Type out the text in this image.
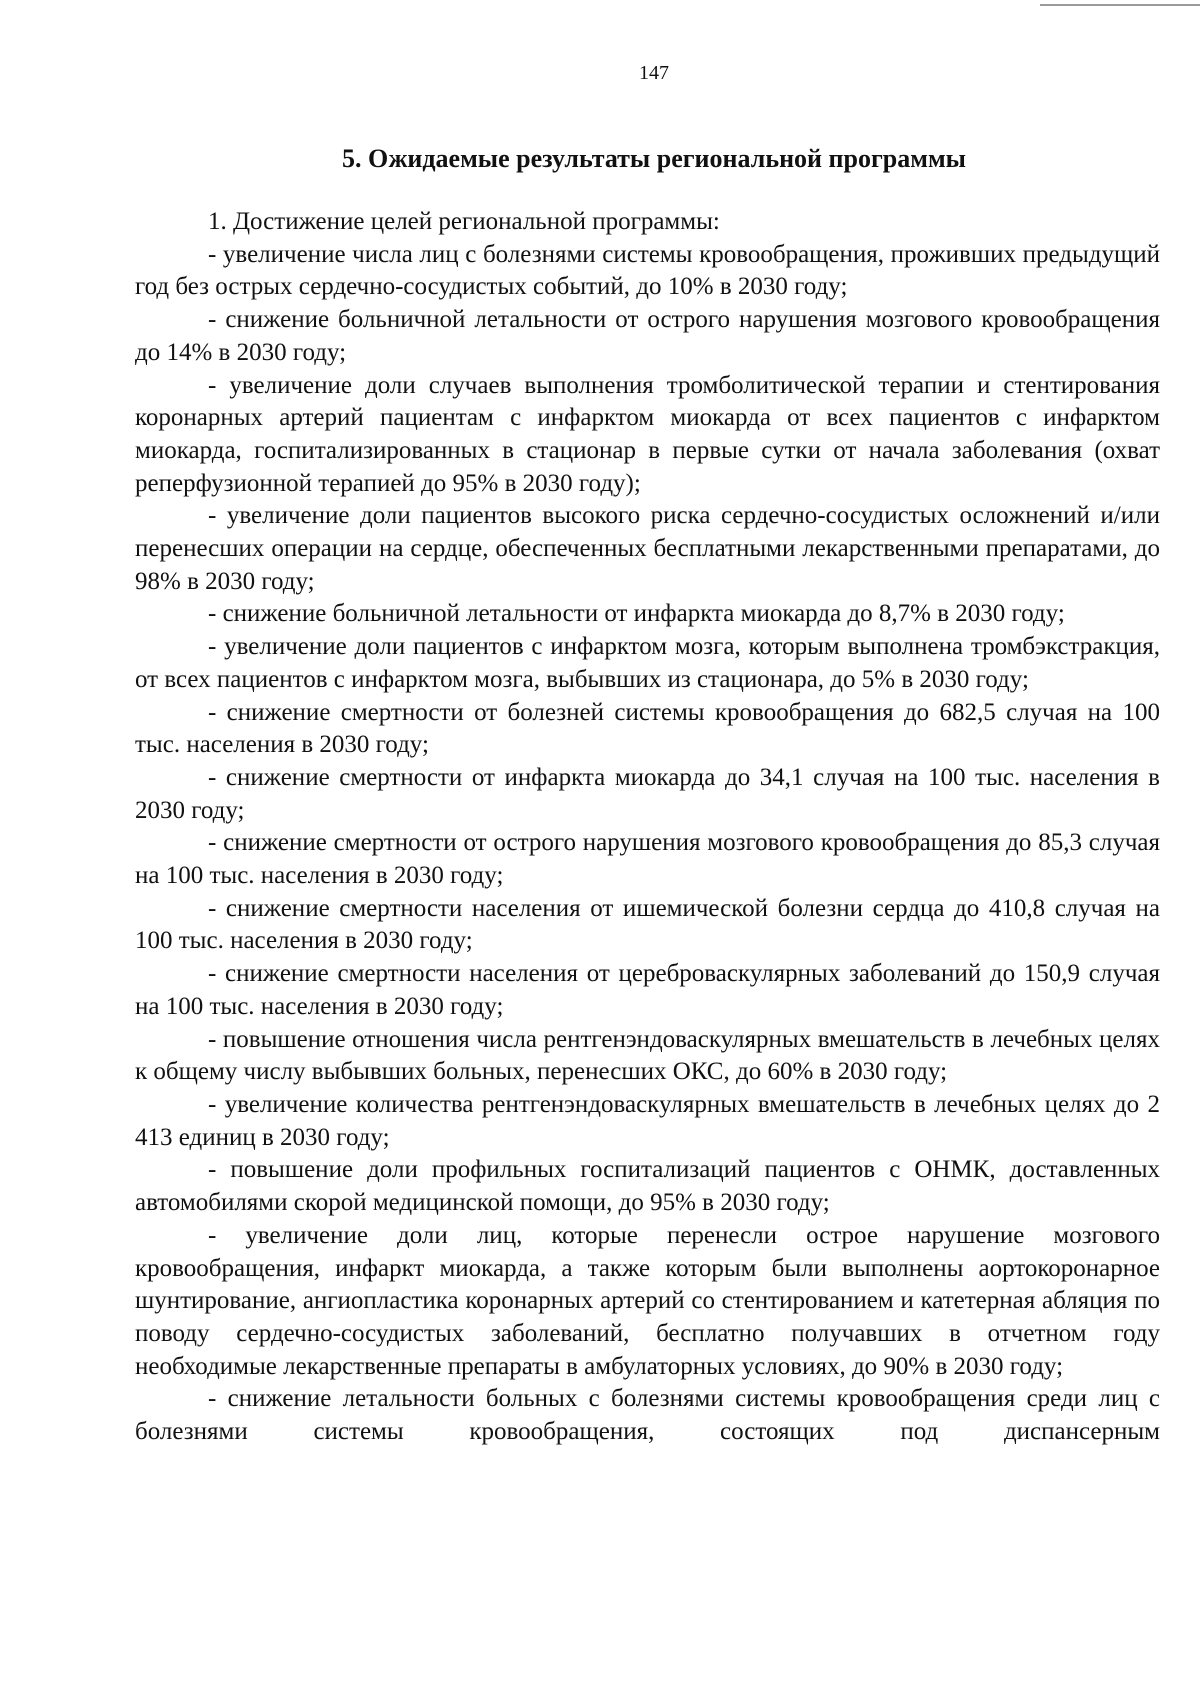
147
5. Ожидаемые результаты региональной программы

1. Достижение целей региональной программы:

- увеличение числа лиц с болезнями системы кровообращения, проживших предыдущий год без острых сердечно-сосудистых событий, до 10% в 2030 году;

- снижение больничной летальности от острого нарушения мозгового кровообращения до 14% в 2030 году;

- увеличение доли случаев выполнения тромболитической терапии и стентирования коронарных артерий пациентам с инфарктом миокарда от всех пациентов с инфарктом миокарда, госпитализированных в стационар в первые сутки от начала заболевания (охват реперфузионной терапией до 95% в 2030 году);

- увеличение доли пациентов высокого риска сердечно-сосудистых осложнений и/или перенесших операции на сердце, обеспеченных бесплатными лекарственными препаратами, до 98% в 2030 году;

- снижение больничной летальности от инфаркта миокарда до 8,7% в 2030 году;

- увеличение доли пациентов с инфарктом мозга, которым выполнена тромбэкстракция, от всех пациентов с инфарктом мозга, выбывших из стационара, до 5% в 2030 году;

- снижение смертности от болезней системы кровообращения до 682,5 случая на 100 тыс. населения в 2030 году;

- снижение смертности от инфаркта миокарда до 34,1 случая на 100 тыс. населения в 2030 году;

- снижение смертности от острого нарушения мозгового кровообращения до 85,3 случая на 100 тыс. населения в 2030 году;

- снижение смертности населения от ишемической болезни сердца до 410,8 случая на 100 тыс. населения в 2030 году;

- снижение смертности населения от цереброваскулярных заболеваний до 150,9 случая на 100 тыс. населения в 2030 году;

- повышение отношения числа рентгенэндоваскулярных вмешательств в лечебных целях к общему числу выбывших больных, перенесших ОКС, до 60% в 2030 году;

- увеличение количества рентгенэндоваскулярных вмешательств в лечебных целях до 2 413 единиц в 2030 году;

- повышение доли профильных госпитализаций пациентов с ОНМК, доставленных автомобилями скорой медицинской помощи, до 95% в 2030 году;

- увеличение доли лиц, которые перенесли острое нарушение мозгового кровообращения, инфаркт миокарда, а также которым были выполнены аортокоронарное шунтирование, ангиопластика коронарных артерий со стентированием и катетерная абляция по поводу сердечно-сосудистых заболеваний, бесплатно получавших в отчетном году необходимые лекарственные препараты в амбулаторных условиях, до 90% в 2030 году;

- снижение летальности больных с болезнями системы кровообращения среди лиц с болезнями системы кровообращения, состоящих под диспансерным
